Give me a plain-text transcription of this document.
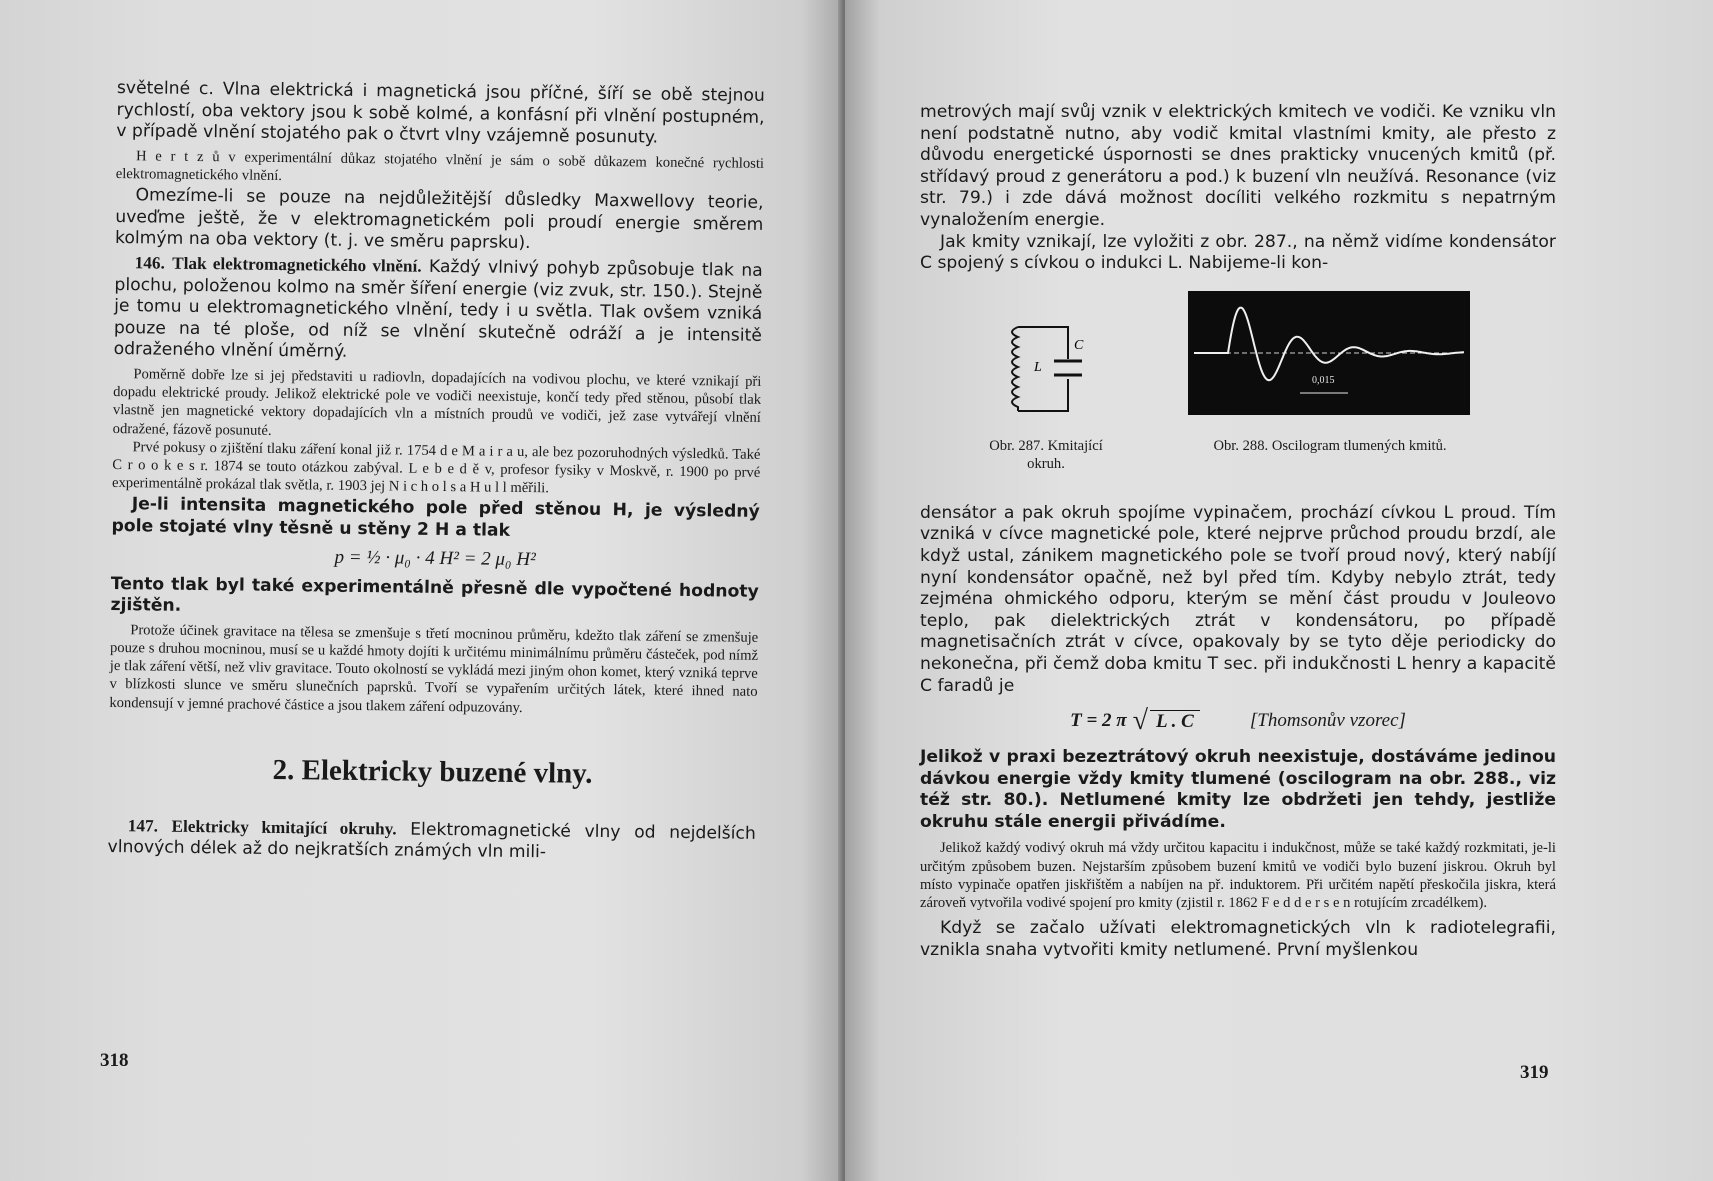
světelné c. Vlna elektrická i magnetická jsou příčné, šíří se obě stejnou rychlostí, oba vektory jsou k sobě kolmé, a konfásní při vlnění postupném, v případě vlnění stojatého pak o čtvrt vlny vzájemně posunuty.

H e r t z ů v experimentální důkaz stojatého vlnění je sám o sobě důkazem konečné rychlosti elektromagnetického vlnění.

Omezíme-li se pouze na nejdůležitější důsledky Maxwellovy teorie, uveďme ještě, že v elektromagnetickém poli proudí energie směrem kolmým na oba vektory (t. j. ve směru paprsku).

146. Tlak elektromagnetického vlnění. Každý vlnivý pohyb způsobuje tlak na plochu, položenou kolmo na směr šíření energie (viz zvuk, str. 150.). Stejně je tomu u elektromagnetického vlnění, tedy i u světla. Tlak ovšem vzniká pouze na té ploše, od níž se vlnění skutečně odráží a je intensitě odraženého vlnění úměrný.

Poměrně dobře lze si jej představiti u radiovln, dopadajících na vodivou plochu, ve které vznikají při dopadu elektrické proudy. Jelikož elektrické pole ve vodiči neexistuje, končí tedy před stěnou, působí tlak vlastně jen magnetické vektory dopadajících vln a místních proudů ve vodiči, jež zase vytvářejí vlnění odražené, fázově posunuté.

Prvé pokusy o zjištění tlaku záření konal již r. 1754 d e M a i r a u, ale bez pozoruhodných výsledků. Také C r o o k e s r. 1874 se touto otázkou zabýval. L e b e d ě v, profesor fysiky v Moskvě, r. 1900 po prvé experimentálně prokázal tlak světla, r. 1903 jej N i c h o l s a H u l l měřili.

Je-li intensita magnetického pole před stěnou H, je výsledný pole stojaté vlny těsně u stěny 2 H a tlak

p = ½ · μ₀ · 4 H² = 2 μ₀ H²

Tento tlak byl také experimentálně přesně dle vypočtené hodnoty zjištěn.

Protože účinek gravitace na tělesa se zmenšuje s třetí mocninou průměru, kdežto tlak záření se zmenšuje pouze s druhou mocninou, musí se u každé hmoty dojíti k určitému minimálnímu průměru částeček, pod nímž je tlak záření větší, než vliv gravitace. Touto okolností se vykládá mezi jiným ohon komet, který vzniká teprve v blízkosti slunce ve směru slunečních paprsků. Tvoří se vypařením určitých látek, které ihned nato kondensují v jemné prachové částice a jsou tlakem záření odpuzovány.

2. Elektricky buzené vlny.

147. Elektricky kmitající okruhy. Elektromagnetické vlny od nejdelších vlnových délek až do nejkratších známých vln mili-

318

metrových mají svůj vznik v elektrických kmitech ve vodiči. Ke vzniku vln není podstatně nutno, aby vodič kmital vlastními kmity, ale přesto z důvodu energetické úspornosti se dnes prakticky vnucených kmitů (př. střídavý proud z generátoru a pod.) k buzení vln neužívá. Resonance (viz str. 79.) i zde dává možnost docíliti velkého rozkmitu s nepatrným vynaložením energie.

Jak kmity vznikají, lze vyložiti z obr. 287., na němž vidíme kondensátor C spojený s cívkou o indukci L. Nabijeme-li kon-

L
C
Obr. 287. Kmitající okruh.
0,015
Obr. 288. Oscilogram tlumených kmitů.

densátor a pak okruh spojíme vypinačem, prochází cívkou L proud. Tím vzniká v cívce magnetické pole, které nejprve průchod proudu brzdí, ale když ustal, zánikem magnetického pole se tvoří proud nový, který nabíjí nyní kondensátor opačně, než byl před tím. Kdyby nebylo ztrát, tedy zejména ohmického odporu, kterým se mění část proudu v Jouleovo teplo, pak dielektrických ztrát v kondensátoru, po případě magnetisačních ztrát v cívce, opakovaly by se tyto děje periodicky do nekonečna, při čemž doba kmitu T sec. při indukčnosti L henry a kapacitě C faradů je

T = 2 π √ L . C	[Thomsonův vzorec]

Jelikož v praxi bezeztrátový okruh neexistuje, dostáváme jedinou dávkou energie vždy kmity tlumené (oscilogram na obr. 288., viz též str. 80.). Netlumené kmity lze obdržeti jen tehdy, jestliže okruhu stále energii přivádíme.

Jelikož každý vodivý okruh má vždy určitou kapacitu i indukčnost, může se také každý rozkmitati, je-li určitým způsobem buzen. Nejstarším způsobem buzení kmitů ve vodiči bylo buzení jiskrou. Okruh byl místo vypinače opatřen jiskřištěm a nabíjen na př. induktorem. Při určitém napětí přeskočila jiskra, která zároveň vytvořila vodivé spojení pro kmity (zjistil r. 1862 F e d d e r s e n rotujícím zrcadélkem).

Když se začalo užívati elektromagnetických vln k radiotelegrafii, vznikla snaha vytvořiti kmity netlumené. První myšlenkou

319
